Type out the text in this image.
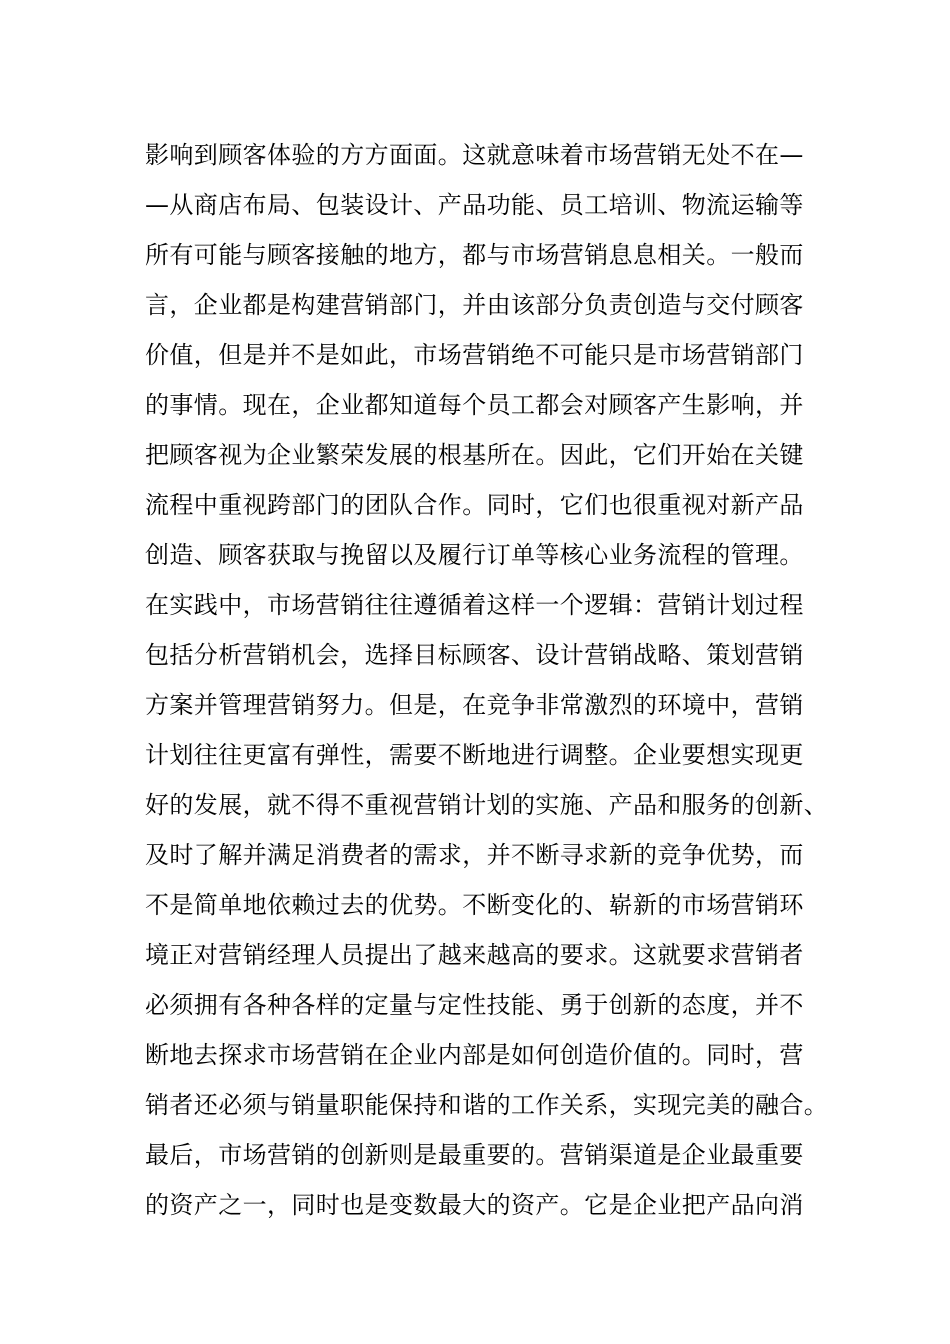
影响到顾客体验的方方面面。这就意味着市场营销无处不在—
—从商店布局、包装设计、产品功能、员工培训、物流运输等
所有可能与顾客接触的地方，都与市场营销息息相关。一般而
言，企业都是构建营销部门，并由该部分负责创造与交付顾客
价值，但是并不是如此，市场营销绝不可能只是市场营销部门
的事情。现在，企业都知道每个员工都会对顾客产生影响，并
把顾客视为企业繁荣发展的根基所在。因此，它们开始在关键
流程中重视跨部门的团队合作。同时，它们也很重视对新产品
创造、顾客获取与挽留以及履行订单等核心业务流程的管理。
在实践中，市场营销往往遵循着这样一个逻辑：营销计划过程
包括分析营销机会，选择目标顾客、设计营销战略、策划营销
方案并管理营销努力。但是，在竞争非常激烈的环境中，营销
计划往往更富有弹性，需要不断地进行调整。企业要想实现更
好的发展，就不得不重视营销计划的实施、产品和服务的创新、
及时了解并满足消费者的需求，并不断寻求新的竞争优势，而
不是简单地依赖过去的优势。不断变化的、崭新的市场营销环
境正对营销经理人员提出了越来越高的要求。这就要求营销者
必须拥有各种各样的定量与定性技能、勇于创新的态度，并不
断地去探求市场营销在企业内部是如何创造价值的。同时，营
销者还必须与销量职能保持和谐的工作关系，实现完美的融合。
最后，市场营销的创新则是最重要的。营销渠道是企业最重要
的资产之一，同时也是变数最大的资产。它是企业把产品向消
